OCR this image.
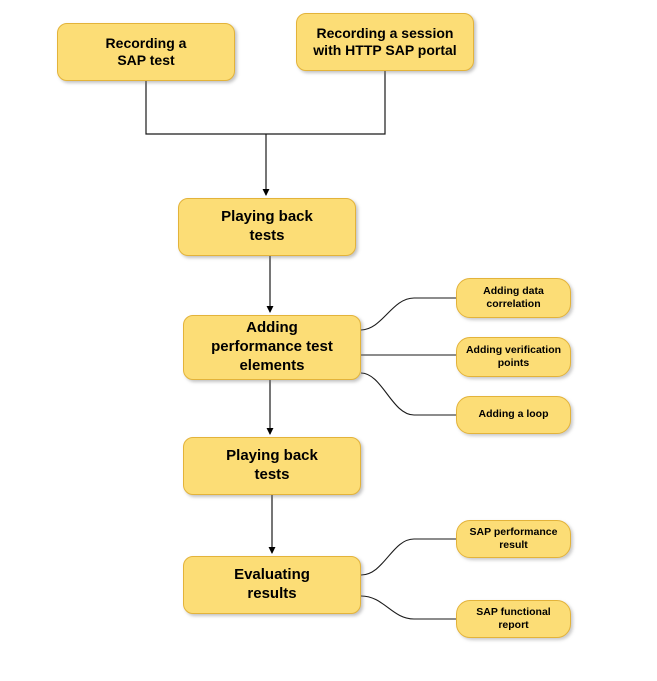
Recording a
SAP test
Recording a session
with HTTP SAP portal
Playing back
tests
Adding
performance test
elements
Playing back
tests
Evaluating
results
Adding data
correlation
Adding verification
points
Adding a loop
SAP performance
result
SAP functional
report
